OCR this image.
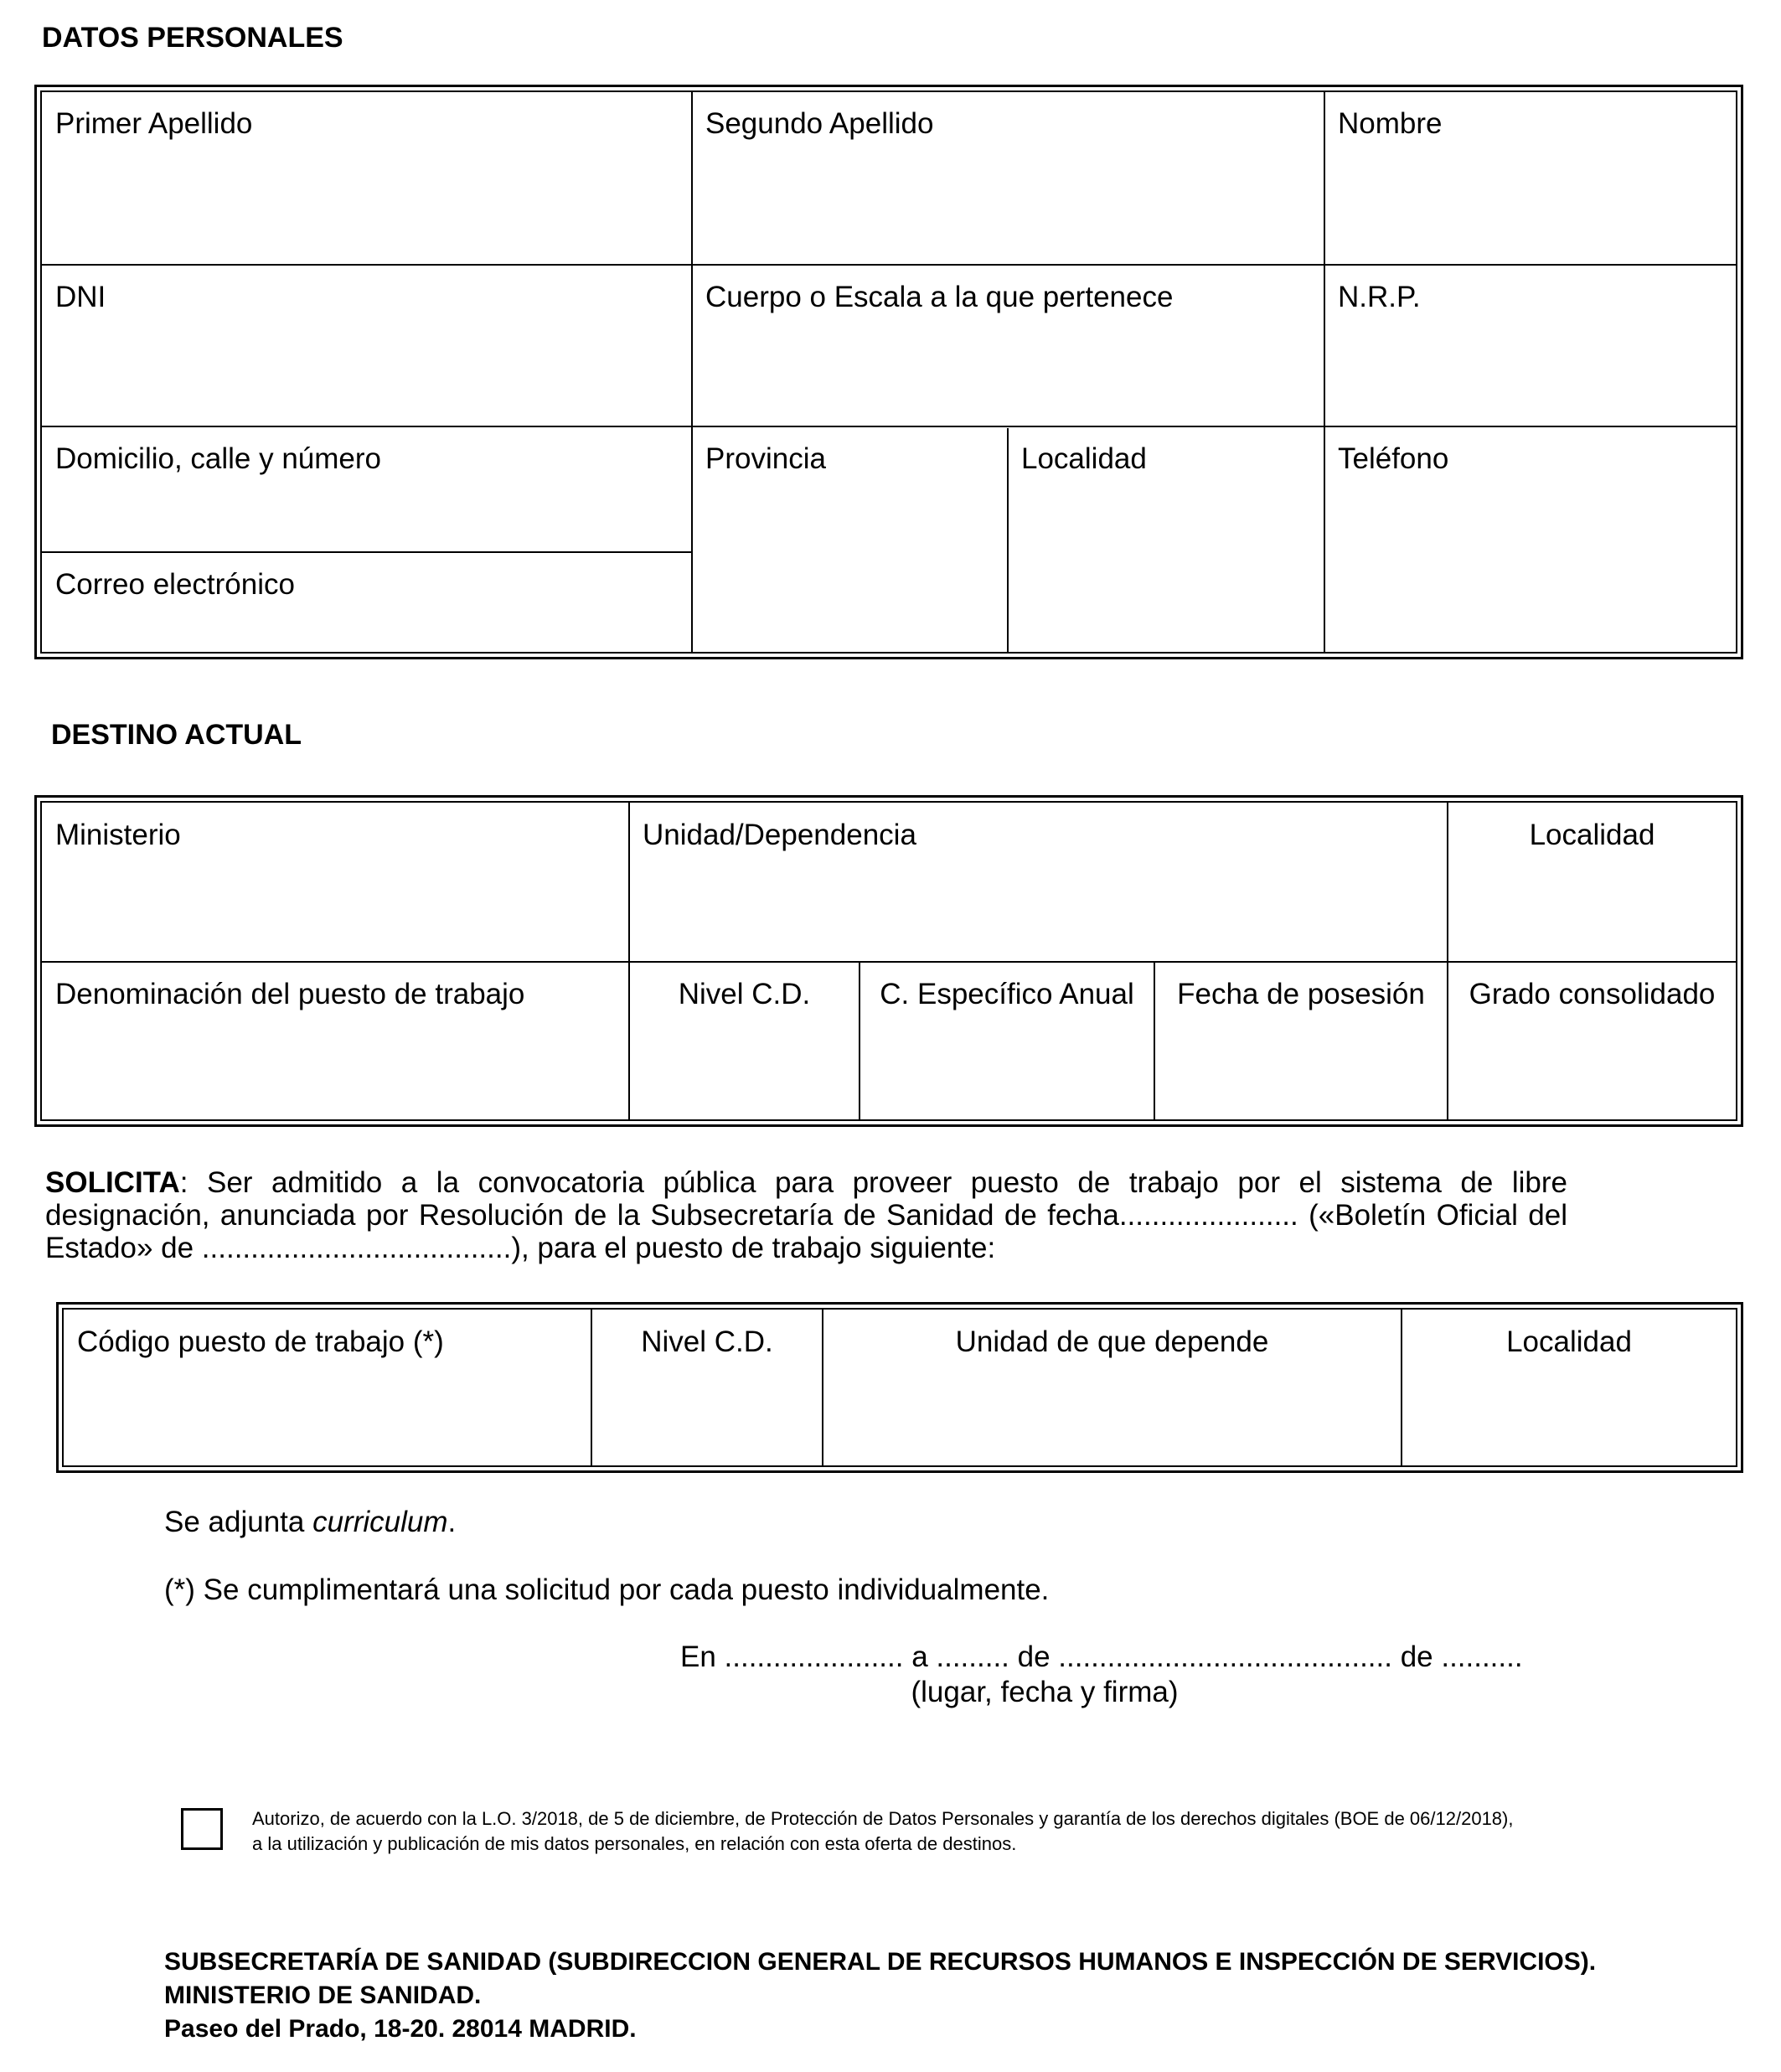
DATOS PERSONALES
Primer Apellido	Segundo Apellido	Nombre
DNI	Cuerpo o Escala a la que pertenece	N.R.P.
Domicilio, calle y número	Provincia	Localidad	Teléfono
Correo electrónico
DESTINO ACTUAL
Ministerio	Unidad/Dependencia	Localidad
Denominación del puesto de trabajo	Nivel C.D.	C. Específico Anual	Fecha de posesión	Grado consolidado
SOLICITA: Ser admitido a la convocatoria pública para proveer puesto de trabajo por el sistema de libre
designación, anunciada por Resolución de la Subsecretaría de Sanidad de fecha...................... («Boletín Oficial del
Estado» de ......................................), para el puesto de trabajo siguiente:
Código puesto de trabajo (*)	Nivel C.D.	Unidad de que depende	Localidad
Se adjunta curriculum.
(*) Se cumplimentará una solicitud por cada puesto individualmente.
En ...................... a ......... de ......................................... de ..........
(lugar, fecha y firma)
Autorizo, de acuerdo con la L.O. 3/2018, de 5 de diciembre, de Protección de Datos Personales y garantía de los derechos digitales (BOE de 06/12/2018),
a la utilización y publicación de mis datos personales, en relación con esta oferta de destinos.
SUBSECRETARÍA DE SANIDAD (SUBDIRECCION GENERAL DE RECURSOS HUMANOS E INSPECCIÓN DE SERVICIOS).
MINISTERIO DE SANIDAD.
Paseo del Prado, 18-20. 28014 MADRID.
